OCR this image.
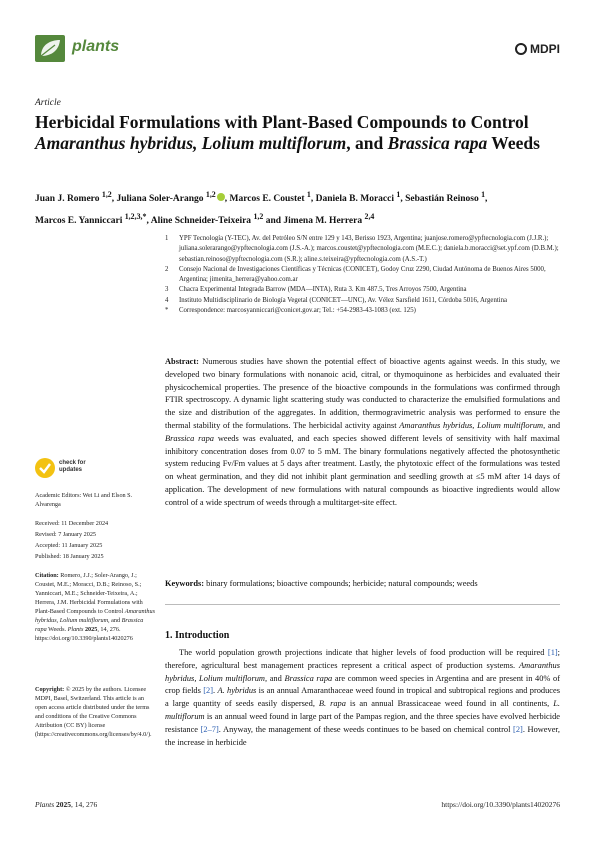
plants	MDPI
Article
Herbicidal Formulations with Plant-Based Compounds to Control Amaranthus hybridus, Lolium multiflorum, and Brassica rapa Weeds
Juan J. Romero $^{1,2}$, Juliana Soler-Arango $^{1,2}$ , Marcos E. Coustet $^1$, Daniela B. Moracci $^1$, Sebastián Reinoso $^1$,
Marcos E. Yanniccari $^{1,2,3,*}$, Aline Schneider-Teixeira $^{1,2}$ and Jimena M. Herrera $^{2,4}$
1	YPF Tecnología (Y-TEC), Av. del Petróleo S/N entre 129 y 143, Berisso 1923, Argentina; juanjose.romero@ypftecnologia.com (J.J.R.); juliana.solerarango@ypftecnologia.com (J.S.-A.); marcos.coustet@ypftecnologia.com (M.E.C.); daniela.b.moracci@set.ypf.com (D.B.M.); sebastian.reinoso@ypftecnologia.com (S.R.); aline.s.teixeira@ypftecnologia.com (A.S.-T.)
2	Consejo Nacional de Investigaciones Científicas y Técnicas (CONICET), Godoy Cruz 2290, Ciudad Autónoma de Buenos Aires 5000, Argentina; jimenita_herrera@yahoo.com.ar
3	Chacra Experimental Integrada Barrow (MDA—INTA), Ruta 3. Km 487.5, Tres Arroyos 7500, Argentina
4	Instituto Multidisciplinario de Biología Vegetal (CONICET—UNC), Av. Vélez Sarsfield 1611, Córdoba 5016, Argentina
*	Correspondence: marcosyanniccari@conicet.gov.ar; Tel.: +54-2983-43-1083 (ext. 125)
Abstract: Numerous studies have shown the potential effect of bioactive agents against weeds. In this study, we developed two binary formulations with nonanoic acid, citral, or thymoquinone as herbicides and evaluated their physicochemical properties. The presence of the bioactive compounds in the formulations was confirmed through FTIR spectroscopy. A dynamic light scattering study was conducted to characterize the emulsified formulations and the size and distribution of the aggregates. In addition, thermogravimetric analysis was performed to ensure the thermal stability of the formulations. The herbicidal activity against Amaranthus hybridus, Lolium multiflorum, and Brassica rapa weeds was evaluated, and each species showed different levels of sensitivity with half maximal inhibitory concentration doses from 0.07 to 5 mM. The binary formulations negatively affected the photosynthetic system reducing Fv/Fm values at 5 days after treatment. Lastly, the phytotoxic effect of the formulations was tested on wheat germination, and they did not inhibit plant germination and seedling growth at ≤5 mM after 14 days of application. The development of new formulations with natural compounds as bioactive ingredients would allow control of a wide spectrum of weeds through a multitarget-site effect.
Keywords: binary formulations; bioactive compounds; herbicide; natural compounds; weeds
1. Introduction
The world population growth projections indicate that higher levels of food production will be required [1]; therefore, agricultural best management practices represent a critical aspect of production systems. Amaranthus hybridus, Lolium multiflorum, and Brassica rapa are common weed species in Argentina and are present in 40% of crop fields [2]. A. hybridus is an annual Amaranthaceae weed found in tropical and subtropical regions and produces a large quantity of seeds easily dispersed, B. rapa is an annual Brassicaceae weed found in all continents, L. multiflorum is an annual weed found in large part of the Pampas region, and the three species have evolved herbicide resistance [2–7]. Anyway, the management of these weeds continues to be based on chemical control [2]. However, the increase in herbicide
check for
updates
Academic Editors: Wei Li and Elson S. Alvarenga
Received: 11 December 2024
Revised: 7 January 2025
Accepted: 11 January 2025
Published: 18 January 2025
Citation: Romero, J.J.; Soler-Arango, J.; Coustet, M.E.; Moracci, D.B.; Reinoso, S.; Yanniccari, M.E.; Schneider-Teixeira, A.; Herrera, J.M. Herbicidal Formulations with Plant-Based Compounds to Control Amaranthus hybridus, Lolium multiflorum, and Brassica rapa Weeds. Plants 2025, 14, 276. https://doi.org/10.3390/plants14020276
Copyright: © 2025 by the authors. Licensee MDPI, Basel, Switzerland. This article is an open access article distributed under the terms and conditions of the Creative Commons Attribution (CC BY) license (https://creativecommons.org/licenses/by/4.0/).
Plants 2025, 14, 276	https://doi.org/10.3390/plants14020276
